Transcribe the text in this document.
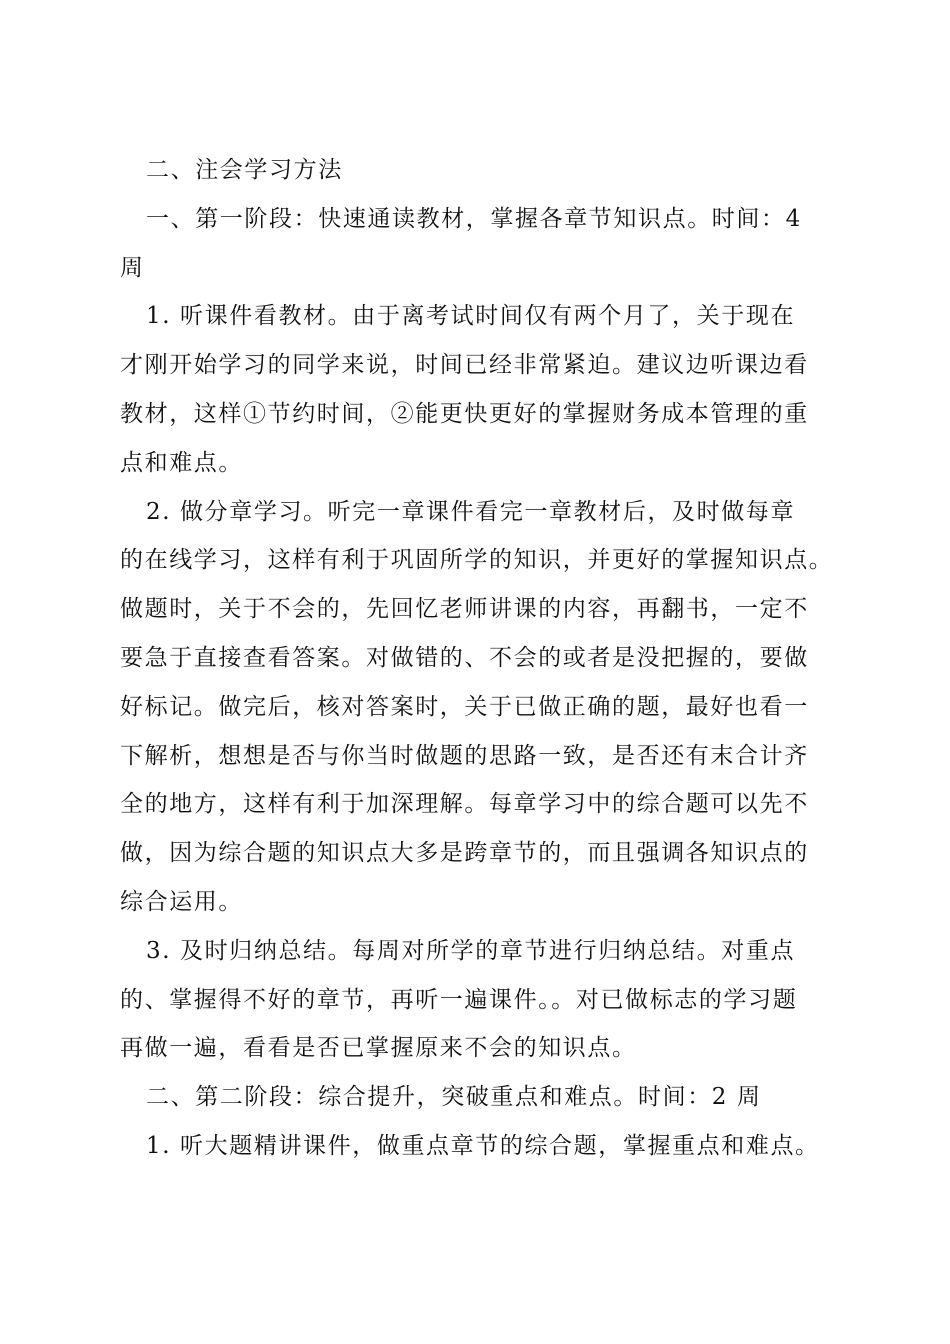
二、注会学习方法
一、第一阶段：快速通读教材，掌握各章节知识点。时间：4
周
1. 听课件看教材。由于离考试时间仅有两个月了，关于现在
才刚开始学习的同学来说，时间已经非常紧迫。建议边听课边看
教材，这样①节约时间，②能更快更好的掌握财务成本管理的重
点和难点。
2. 做分章学习。听完一章课件看完一章教材后，及时做每章
的在线学习，这样有利于巩固所学的知识，并更好的掌握知识点。
做题时，关于不会的，先回忆老师讲课的内容，再翻书，一定不
要急于直接查看答案。对做错的、不会的或者是没把握的，要做
好标记。做完后，核对答案时，关于已做正确的题，最好也看一
下解析，想想是否与你当时做题的思路一致，是否还有末合计齐
全的地方，这样有利于加深理解。每章学习中的综合题可以先不
做，因为综合题的知识点大多是跨章节的，而且强调各知识点的
综合运用。
3. 及时归纳总结。每周对所学的章节进行归纳总结。对重点
的、掌握得不好的章节，再听一遍课件。。对已做标志的学习题
再做一遍，看看是否已掌握原来不会的知识点。
二、第二阶段：综合提升，突破重点和难点。时间：2 周
1. 听大题精讲课件，做重点章节的综合题，掌握重点和难点。
